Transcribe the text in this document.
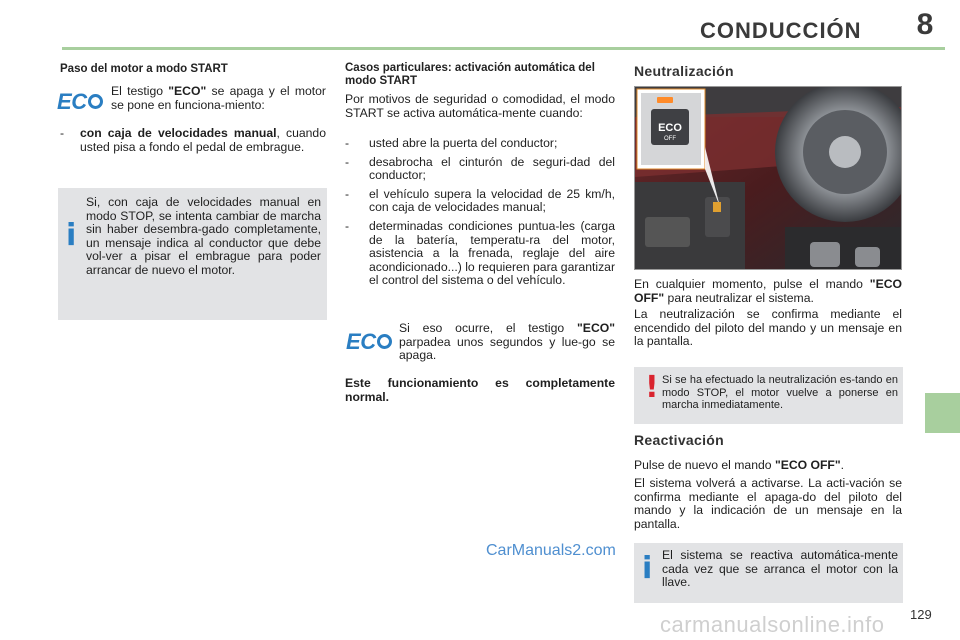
CONDUCCIÓN	8
Paso del motor a modo START
EC	El testigo "ECO" se apaga y el motor se pone en funciona-miento:

- con caja de velocidades manual, cuando usted pisa a fondo el pedal de embrague.

i

Si, con caja de velocidades manual en modo STOP, se intenta cambiar de marcha sin haber desembra-gado completamente, un mensaje indica al conductor que debe vol-ver a pisar el embrague para poder arrancar de nuevo el motor.

Casos particulares: activación automática del modo START

Por motivos de seguridad o comodidad, el modo START se activa automática-mente cuando:

- usted abre la puerta del conductor;
- desabrocha el cinturón de seguri-dad del conductor;
- el vehículo supera la velocidad de 25 km/h, con caja de velocidades manual;
- determinadas condiciones puntua-les (carga de la batería, temperatu-ra del motor, asistencia a la frenada, reglaje del aire acondicionado...) lo requieren para garantizar el control del sistema o del vehículo.
EC

Si eso ocurre, el testigo "ECO" parpadea unos segundos y lue-go se apaga.

Este funcionamiento es completamente normal.

Neutralización
ECO
OFF

En cualquier momento, pulse el mando "ECO OFF" para neutralizar el sistema.

La neutralización se confirma mediante el encendido del piloto del mando y un mensaje en la pantalla.

! Si se ha efectuado la neutralización es-tando en modo STOP, el motor vuelve a ponerse en marcha inmediatamente.

Reactivación

Pulse de nuevo el mando "ECO OFF".

El sistema volverá a activarse. La acti-vación se confirma mediante el apaga-do del piloto del mando y la indicación de un mensaje en la pantalla.

i El sistema se reactiva automática-mente cada vez que se arranca el motor con la llave.

CarManuals2.com
129
carmanualsonline.info
